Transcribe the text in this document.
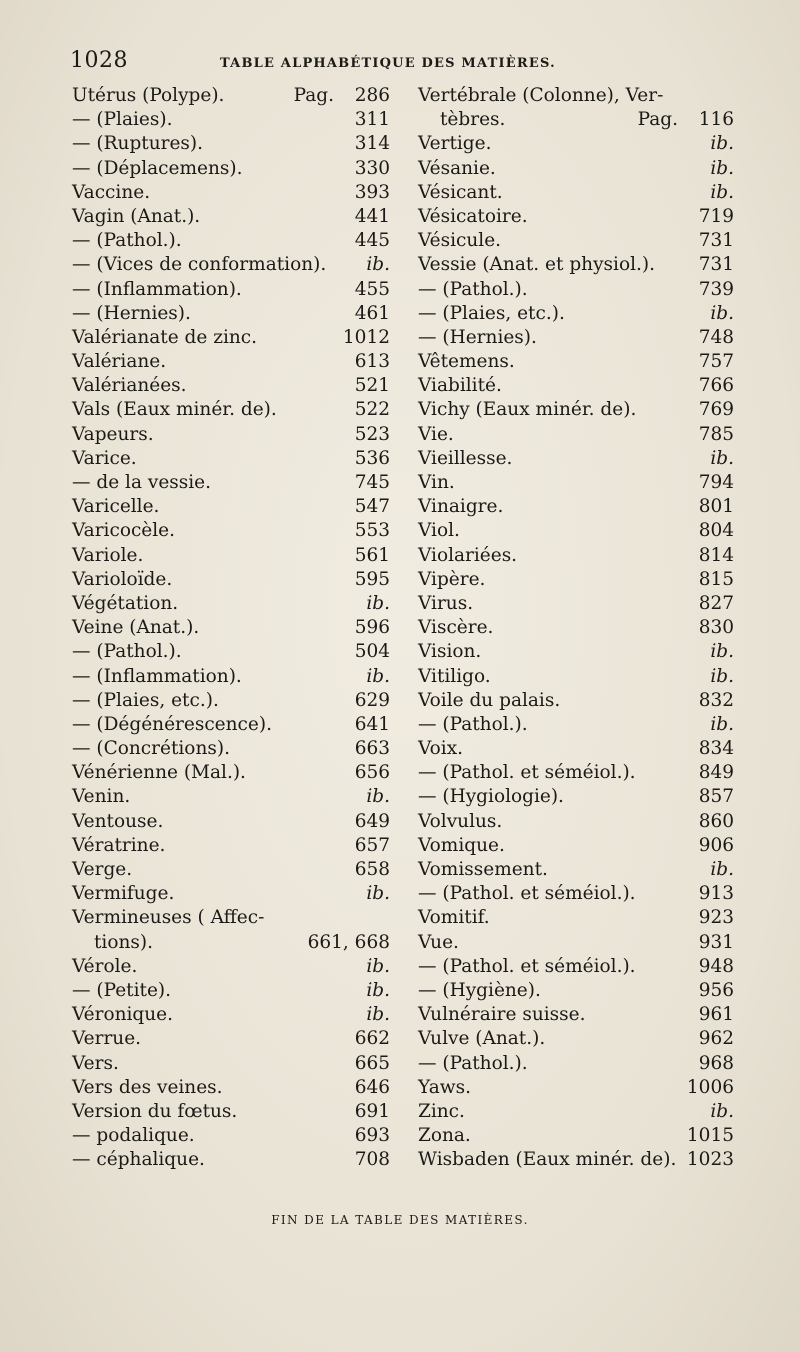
1028	TABLE ALPHABÉTIQUE DES MATIÈRES.
Utérus (Polype).	Pag. 286
— (Plaies).	311
— (Ruptures).	314
— (Déplacemens).	330
Vaccine.	393
Vagin (Anat.).	441
— (Pathol.).	445
— (Vices de conformation). ib.
— (Inflammation).	455
— (Hernies).	461
Valérianate de zinc.	1012
Valériane.	613
Valérianées.	521
Vals (Eaux minér. de).	522
Vapeurs.	523
Varice.	536
— de la vessie.	745
Varicelle.	547
Varicocèle.	553
Variole.	561
Varioloïde.	595
Végétation.	ib.
Veine (Anat.).	596
— (Pathol.).	504
— (Inflammation).	ib.
— (Plaies, etc.).	629
— (Dégénérescence).	641
— (Concrétions).	663
Vénérienne (Mal.).	656
Venin.	ib.
Ventouse.	649
Vératrine.	657
Verge.	658
Vermifuge.	ib.
Vermineuses ( Affec-
tions).	661, 668
Vérole.	ib.
— (Petite).	ib.
Véronique.	ib.
Verrue.	662
Vers.	665
Vers des veines.	646
Version du fœtus.	691
— podalique.	693
— céphalique.	708
Vertébrale (Colonne), Ver-
tèbres.	Pag. 116
Vertige.	ib.
Vésanie.	ib.
Vésicant.	ib.
Vésicatoire.	719
Vésicule.	731
Vessie (Anat. et physiol.). 731
— (Pathol.).	739
— (Plaies, etc.).	ib.
— (Hernies).	748
Vêtemens.	757
Viabilité.	766
Vichy (Eaux minér. de).	769
Vie.	785
Vieillesse.	ib.
Vin.	794
Vinaigre.	801
Viol.	804
Violariées.	814
Vipère.	815
Virus.	827
Viscère.	830
Vision.	ib.
Vitiligo.	ib.
Voile du palais.	832
— (Pathol.).	ib.
Voix.	834
— (Pathol. et séméiol.).	849
— (Hygiologie).	857
Volvulus.	860
Vomique.	906
Vomissement.	ib.
— (Pathol. et séméiol.).	913
Vomitif.	923
Vue.	931
— (Pathol. et séméiol.).	948
— (Hygiène).	956
Vulnéraire suisse.	961
Vulve (Anat.).	962
— (Pathol.).	968
Yaws.	1006
Zinc.	ib.
Zona.	1015
Wisbaden (Eaux minér. de). 1023
FIN DE LA TABLE DES MATIÈRES.
